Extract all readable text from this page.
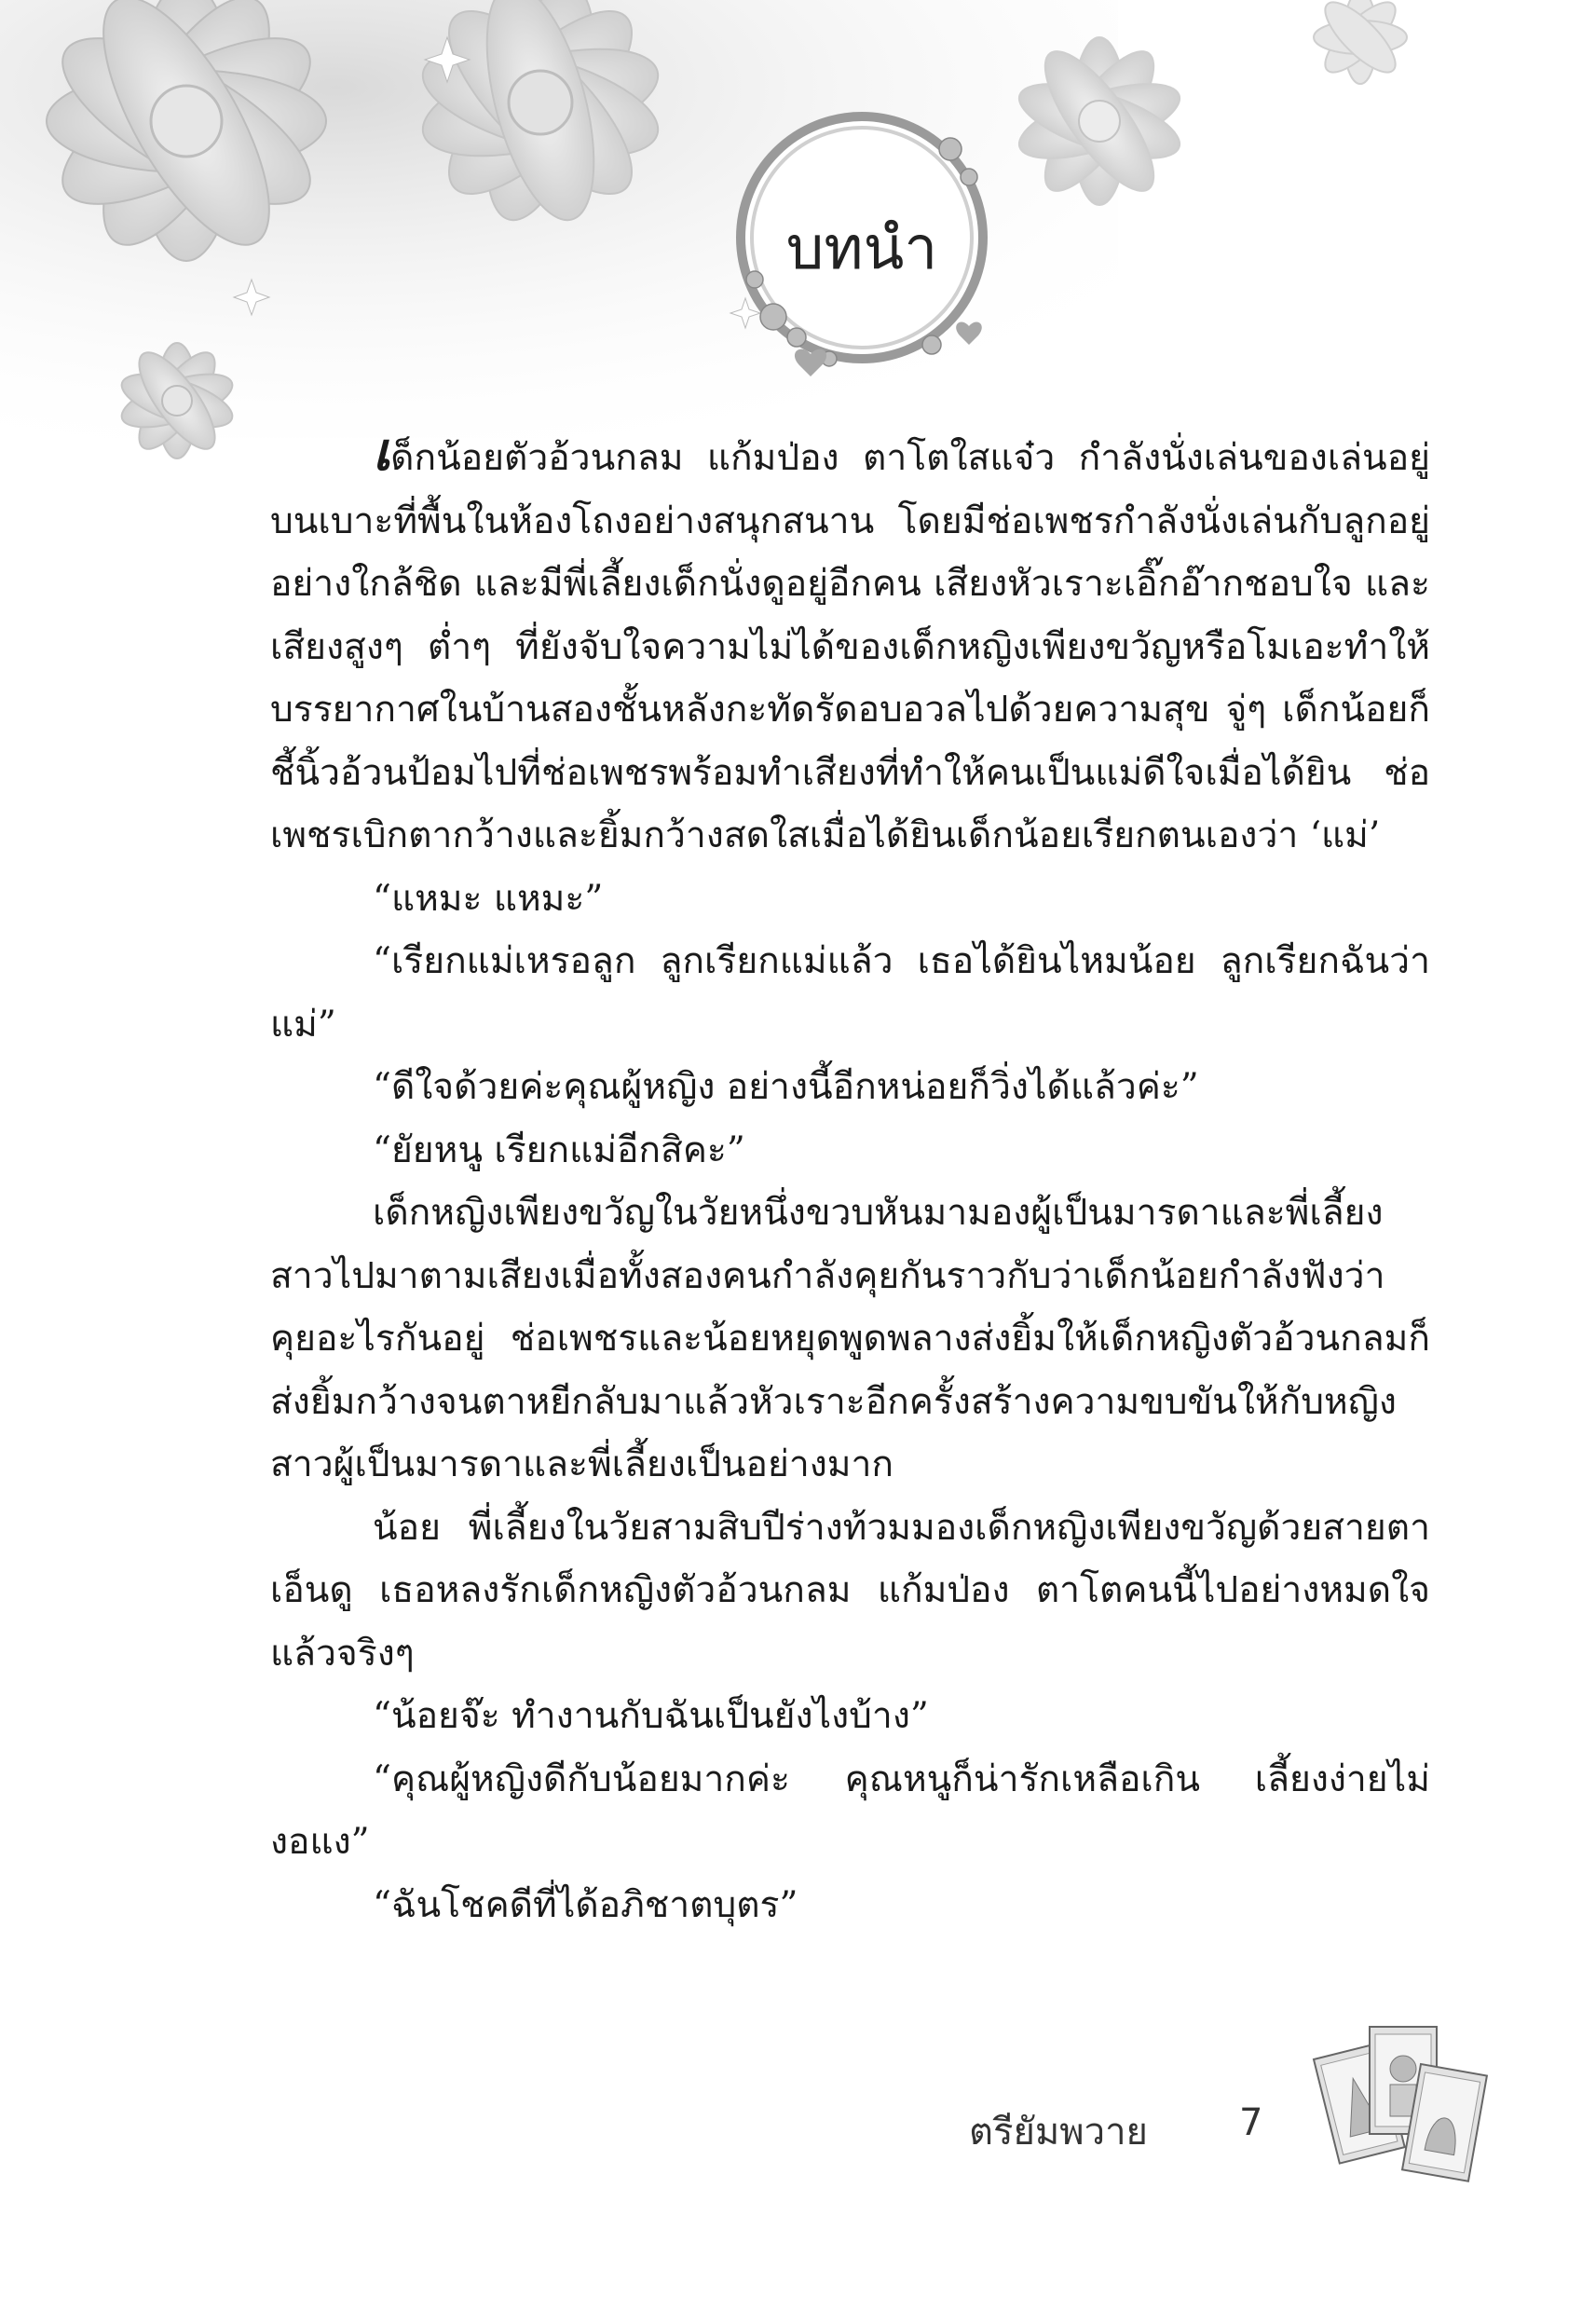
บทนำ

เด็กน้อยตัวอ้วนกลม แก้มป่อง ตาโตใสแจ๋ว กำลังนั่งเล่นของเล่นอยู่บนเบาะที่พื้นในห้องโถงอย่างสนุกสนาน โดยมีช่อเพชรกำลังนั่งเล่นกับลูกอยู่อย่างใกล้ชิด และมีพี่เลี้ยงเด็กนั่งดูอยู่อีกคน เสียงหัวเราะเอิ๊กอ๊ากชอบใจ และเสียงสูงๆ ต่ำๆ ที่ยังจับใจความไม่ได้ของเด็กหญิงเพียงขวัญหรือโมเอะทำให้บรรยากาศในบ้านสองชั้นหลังกะทัดรัดอบอวลไปด้วยความสุข จู่ๆ เด็กน้อยก็ชี้นิ้วอ้วนป้อมไปที่ช่อเพชรพร้อมทำเสียงที่ทำให้คนเป็นแม่ดีใจเมื่อได้ยิน ช่อเพชรเบิกตากว้างและยิ้มกว้างสดใสเมื่อได้ยินเด็กน้อยเรียกตนเองว่า ‘แม่’

“แหมะ แหมะ”

“เรียกแม่เหรอลูก ลูกเรียกแม่แล้ว เธอได้ยินไหมน้อย ลูกเรียกฉันว่าแม่”

“ดีใจด้วยค่ะคุณผู้หญิง อย่างนี้อีกหน่อยก็วิ่งได้แล้วค่ะ”

“ยัยหนู เรียกแม่อีกสิคะ”

เด็กหญิงเพียงขวัญในวัยหนึ่งขวบหันมามองผู้เป็นมารดาและพี่เลี้ยงสาวไปมาตามเสียงเมื่อทั้งสองคนกำลังคุยกันราวกับว่าเด็กน้อยกำลังฟังว่าคุยอะไรกันอยู่ ช่อเพชรและน้อยหยุดพูดพลางส่งยิ้มให้เด็กหญิงตัวอ้วนกลมก็ส่งยิ้มกว้างจนตาหยีกลับมาแล้วหัวเราะอีกครั้งสร้างความขบขันให้กับหญิงสาวผู้เป็นมารดาและพี่เลี้ยงเป็นอย่างมาก

น้อย พี่เลี้ยงในวัยสามสิบปีร่างท้วมมองเด็กหญิงเพียงขวัญด้วยสายตาเอ็นดู เธอหลงรักเด็กหญิงตัวอ้วนกลม แก้มป่อง ตาโตคนนี้ไปอย่างหมดใจแล้วจริงๆ

“น้อยจ๊ะ ทำงานกับฉันเป็นยังไงบ้าง”

“คุณผู้หญิงดีกับน้อยมากค่ะ คุณหนูก็น่ารักเหลือเกิน เลี้ยงง่ายไม่งอแง”

“ฉันโชคดีที่ได้อภิชาตบุตร”

ตรียัมพวาย 7
